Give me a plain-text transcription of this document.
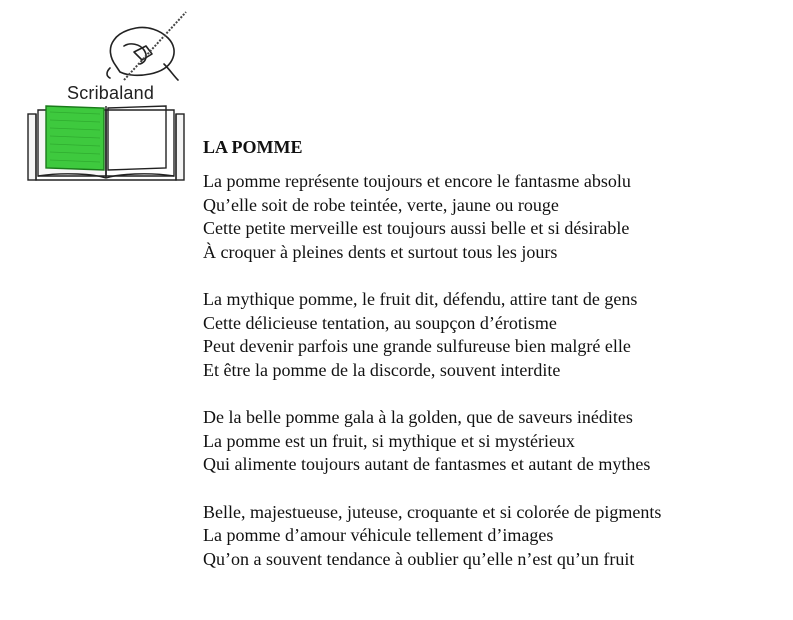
Scribaland
LA POMME
La pomme représente toujours et encore le fantasme absolu
Qu’elle soit de robe teintée, verte, jaune ou rouge
Cette petite merveille est toujours aussi belle et si désirable
À croquer à pleines dents et surtout tous les jours
La mythique pomme, le fruit dit, défendu, attire tant de gens
Cette délicieuse tentation, au soupçon d’érotisme
Peut devenir parfois une grande sulfureuse bien malgré elle
Et être la pomme de la discorde, souvent interdite
De la belle pomme gala à la golden, que de saveurs inédites
La pomme est un fruit, si mythique et si mystérieux
Qui alimente toujours autant de fantasmes et autant de mythes
Belle, majestueuse, juteuse, croquante et si colorée de pigments
La pomme d’amour véhicule tellement d’images
Qu’on a souvent tendance à oublier qu’elle n’est qu’un fruit
